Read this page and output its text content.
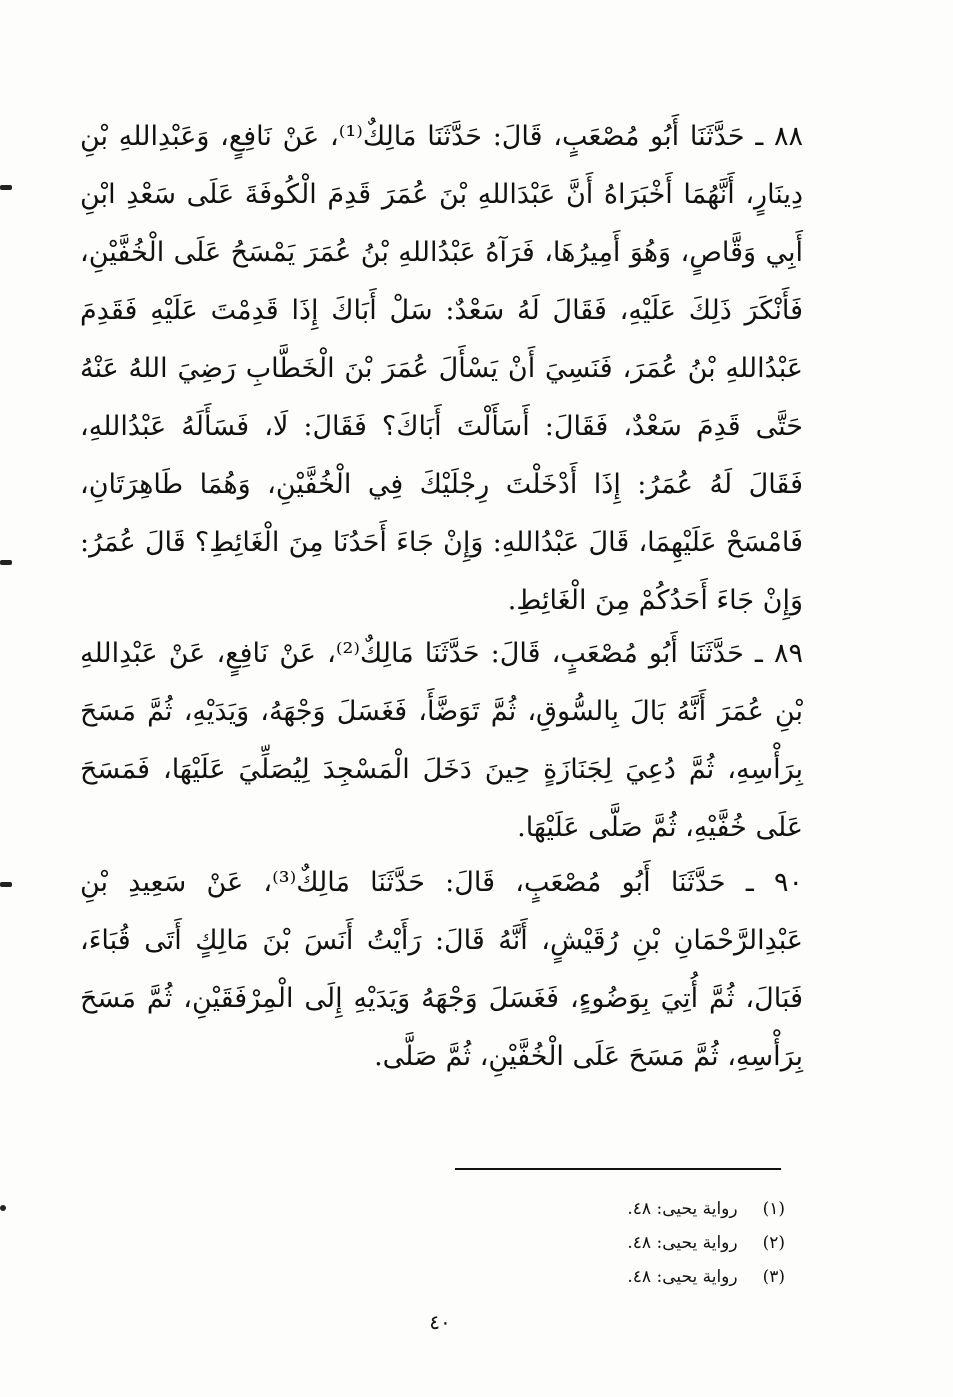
٨٨ ـ حَدَّثَنَا أَبُو مُصْعَبٍ، قَالَ: حَدَّثَنَا مَالِكٌ⁽¹⁾، عَنْ نَافِعٍ، وَعَبْدِاللهِ بْنِ دِينَارٍ، أَنَّهُمَا أَخْبَرَاهُ أَنَّ عَبْدَاللهِ بْنَ عُمَرَ قَدِمَ الْكُوفَةَ عَلَى سَعْدِ ابْنِ أَبِي وَقَّاصٍ، وَهُوَ أَمِيرُهَا، فَرَآهُ عَبْدُاللهِ بْنُ عُمَرَ يَمْسَحُ عَلَى الْخُفَّيْنِ، فَأَنْكَرَ ذَلِكَ عَلَيْهِ، فَقَالَ لَهُ سَعْدٌ: سَلْ أَبَاكَ إِذَا قَدِمْتَ عَلَيْهِ فَقَدِمَ عَبْدُاللهِ بْنُ عُمَرَ، فَنَسِيَ أَنْ يَسْأَلَ عُمَرَ بْنَ الْخَطَّابِ رَضِيَ اللهُ عَنْهُ حَتَّى قَدِمَ سَعْدٌ، فَقَالَ: أَسَأَلْتَ أَبَاكَ؟ فَقَالَ: لَا، فَسَأَلَهُ عَبْدُاللهِ، فَقَالَ لَهُ عُمَرُ: إِذَا أَدْخَلْتَ رِجْلَيْكَ فِي الْخُفَّيْنِ، وَهُمَا طَاهِرَتَانِ، فَامْسَحْ عَلَيْهِمَا، قَالَ عَبْدُاللهِ: وَإِنْ جَاءَ أَحَدُنَا مِنَ الْغَائِطِ؟ قَالَ عُمَرُ: وَإِنْ جَاءَ أَحَدُكُمْ مِنَ الْغَائِطِ.

٨٩ ـ حَدَّثَنَا أَبُو مُصْعَبٍ، قَالَ: حَدَّثَنَا مَالِكٌ⁽²⁾، عَنْ نَافِعٍ، عَنْ عَبْدِاللهِ بْنِ عُمَرَ أَنَّهُ بَالَ بِالسُّوقِ، ثُمَّ تَوَضَّأَ، فَغَسَلَ وَجْهَهُ، وَيَدَيْهِ، ثُمَّ مَسَحَ بِرَأْسِهِ، ثُمَّ دُعِيَ لِجَنَازَةٍ حِينَ دَخَلَ الْمَسْجِدَ لِيُصَلِّيَ عَلَيْهَا، فَمَسَحَ عَلَى خُفَّيْهِ، ثُمَّ صَلَّى عَلَيْهَا.

٩٠ ـ حَدَّثَنَا أَبُو مُصْعَبٍ، قَالَ: حَدَّثَنَا مَالِكٌ⁽³⁾، عَنْ سَعِيدِ بْنِ عَبْدِالرَّحْمَانِ بْنِ رُقَيْشٍ، أَنَّهُ قَالَ: رَأَيْتُ أَنَسَ بْنَ مَالِكٍ أَتَى قُبَاءَ، فَبَالَ، ثُمَّ أُتِيَ بِوَضُوءٍ، فَغَسَلَ وَجْهَهُ وَيَدَيْهِ إِلَى الْمِرْفَقَيْنِ، ثُمَّ مَسَحَ بِرَأْسِهِ، ثُمَّ مَسَحَ عَلَى الْخُفَّيْنِ، ثُمَّ صَلَّى.

(١) رواية يحيى: ٤٨.
(٢) رواية يحيى: ٤٨.
(٣) رواية يحيى: ٤٨.
٤٠
